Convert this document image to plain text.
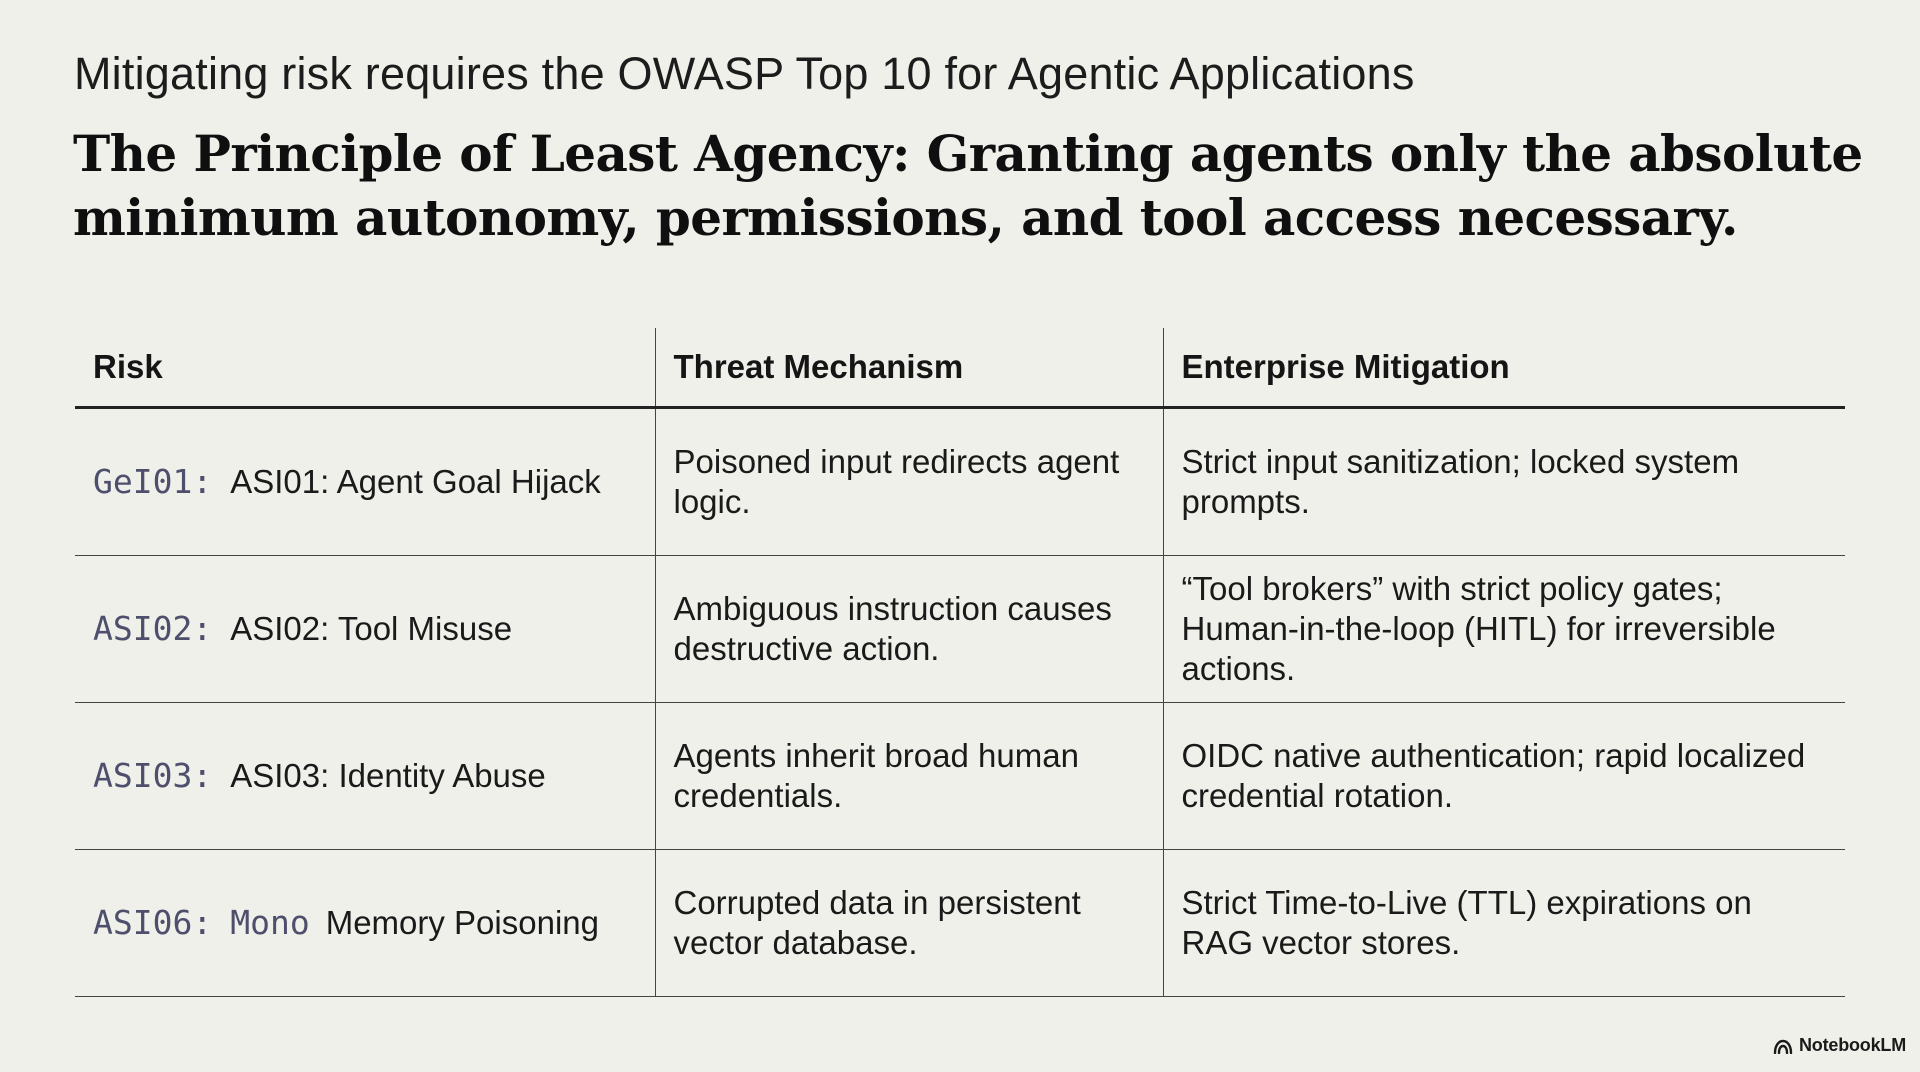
Mitigating risk requires the OWASP Top 10 for Agentic Applications
The Principle of Least Agency: Granting agents only the absolute minimum autonomy, permissions, and tool access necessary.
Risk	Threat Mechanism	Enterprise Mitigation
GeI01: ASI01: Agent Goal Hijack	Poisoned input redirects agent logic.	Strict input sanitization; locked system prompts.
ASI02: ASI02: Tool Misuse	Ambiguous instruction causes destructive action.	“Tool brokers” with strict policy gates; Human-in-the-loop (HITL) for irreversible actions.
ASI03: ASI03: Identity Abuse	Agents inherit broad human credentials.	OIDC native authentication; rapid localized credential rotation.
ASI06: Mono Memory Poisoning	Corrupted data in persistent vector database.	Strict Time-to-Live (TTL) expirations on RAG vector stores.
NotebookLM
